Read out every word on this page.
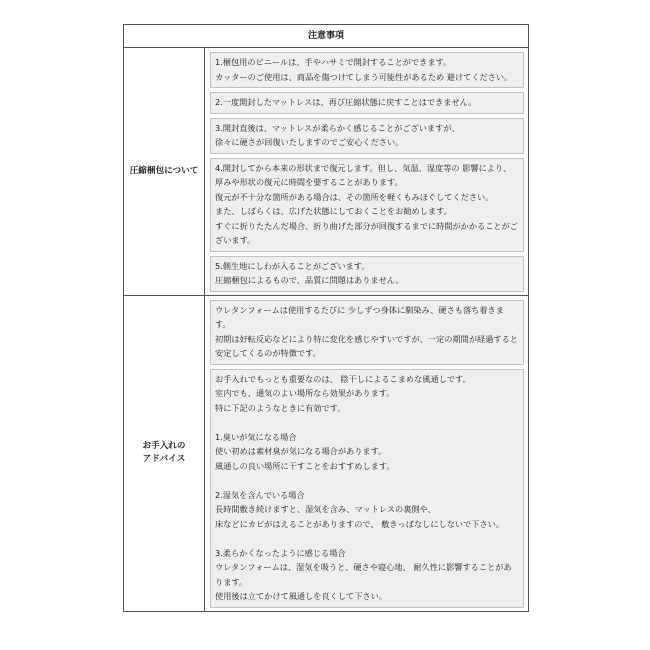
注意事項
圧縮梱包について
1.梱包用のビニールは、手やハサミで開封することができます。
カッターのご使用は、商品を傷つけてしまう可能性があるため 避けてください。
2.一度開封したマットレスは、再び圧縮状態に戻すことはできません。
3.開封直後は、マットレスが柔らかく感じることがございますが、
徐々に硬さが回復いたしますのでご安心ください。
4.開封してから本来の形状まで復元します。但し、気温、湿度等の 影響により、厚みや形状の復元に時間を要することがあります。
復元が不十分な箇所がある場合は、その箇所を軽くもみほぐしてください。
また、しばらくは、広げた状態にしておくことをお勧めします。
すぐに折りたたんだ場合、折り曲げた部分が回復するまでに時間がかかることがございます。
5.側生地にしわが入ることがございます。
圧縮梱包によるもので、品質に問題はありません。
お手入れの
アドバイス
ウレタンフォームは使用するたびに 少しずつ身体に馴染み、硬さも落ち着きます。
初期は好転反応などにより特に変化を感じやすいですが、一定の期間が経過すると安定してくるのが特徴です。
お手入れでもっとも重要なのは、 陰干しによるこまめな風通しです。
室内でも、通気のよい場所なら効果があります。
特に下記のようなときに有効です。

1.臭いが気になる場合
使い初めは素材臭が気になる場合があります。
風通しの良い場所に干すことをおすすめします。

2.湿気を含んでいる場合
長時間敷き続けますと、湿気を含み、マットレスの裏側や、
床などにカビがはえることがありますので、 敷きっぱなしにしないで下さい。

3.柔らかくなったように感じる場合
ウレタンフォームは、湿気を吸うと、硬さや寝心地、 耐久性に影響することがあります。
使用後は立てかけて風通しを良くして下さい。
